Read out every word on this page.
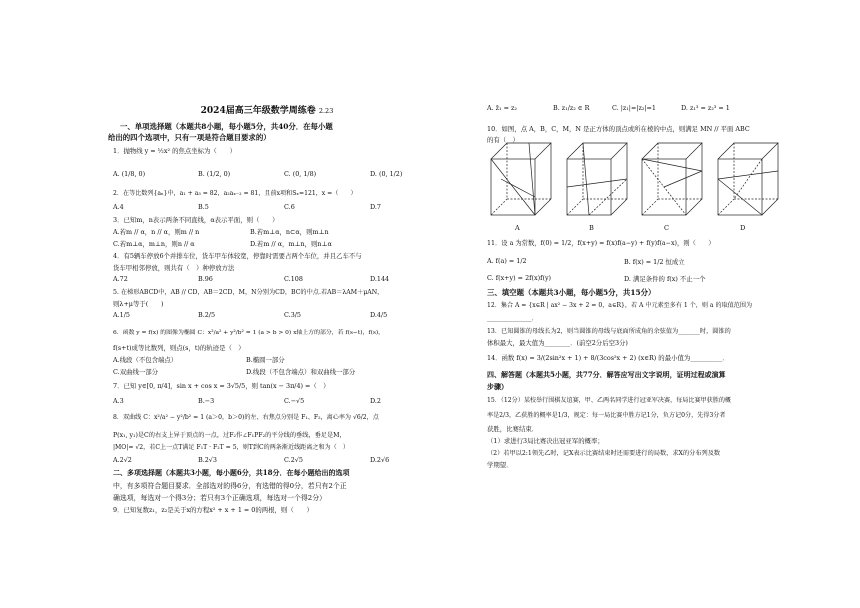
2024届高三年级数学周练卷 2.23
一、单项选择题（本题共8小题，每小题5分，共40分．在每小题
给出的四个选项中，只有一项是符合题目要求的）
1．抛物线 y = ½x² 的焦点坐标为（　　）
A. (1/8, 0)	B. (1/2, 0)	C. (0, 1/8)	D. (0, 1/2)
2．在等比数列{aₙ}中，a₁ + a₃ = 82，a₂aₓ₋₂ = 81，且前x项和Sₓ=121，x =（　　）
A.4	B.5	C.6	D.7
3．已知m，n表示两条不同直线，α表示平面，则（　　）
A.若m // α，n // α，则m // n	B.若m⊥α，n⊂α，则m⊥n
C.若m⊥α，m⊥n，则n // α	D.若m // α，m⊥n，则n⊥α
4．有5辆车停放6个并排车位，货车甲车体较宽，停靠时需要占两个车位，并且乙车不与
货车甲相邻停放，则共有（　）种停放方法
A.72	B.96	C.108	D.144
5. 在梯形ABCD中，AB // CD，AB＝2CD，M，N分别为CD，BC的中点.若AB＝λAM＋μAN，
则λ+μ等于(　　)
A.1/5	B.2/5	C.3/5	D.4/5
6．函数 y = f(x) 的图像为椭圆 C：x²/a² + y²/b² = 1 (a > b > 0) x轴上方的部分，若 f(s−t)，f(s)，
f(s+t)成等比数列，则点(s，t)的轨迹是（　）
A.线段（不包含端点）	B.椭圆一部分
C.双曲线一部分	D.线段（不包含端点）和双曲线一部分
7．已知 y∈[0, π/4]，sin x + cos x = 3√5/5，则 tan(x − 3π/4) =（　）
A.3	B.−3	C.−√5	D.2
8．双曲线 C：x²/a² − y²/b² = 1 (a＞0，b＞0)的左、右焦点分别是 F₁、F₂，离心率为 √6/2，点
P(x₁, y₁)是C的右支上异于顶点的一点，过F₂作∠F₁PF₂的平分线的垂线，垂足是M，
|MO|= √2，若C上一点T满足 F₁T · F₂T = 5，则T到C的两条渐近线距离之和为（　）
A.2√2	B.2√3	C.2√5	D.2√6
二、多项选择题（本题共3小题，每小题6分，共18分．在每小题给出的选项
中，有多项符合题目要求．全部选对的得6分，有选错的得0分，若只有2个正
确选项，每选对一个得3分；若只有3个正确选项，每选对一个得2分）
9．已知复数z₁，z₂是关于x的方程x² + x + 1 = 0的两根，则（　　）
A. z̄₁ = z₂	B. z₁/z₂ ∈ R	C. |z₁|=|z₂|=1	D. z₁³ = z₂³ = 1
10．如图，点 A，B，C，M，N 是正方体的顶点或所在棱的中点，则满足 MN // 平面 ABC
的有（　）
A	B	C	D
11．设 a 为常数，f(0) = 1/2，f(x+y) = f(x)f(a−y) + f(y)f(a−x)，则（　　）
A. f(a) = 1/2	B. f(x) = 1/2 恒成立
C. f(x+y) = 2f(x)f(y)	D. 满足条件的 f(x) 不止一个
三、填空题（本题共3小题，每小题5分，共15分）
12．集合 A = {x∈R | ax² − 3x + 2 = 0，a∈R}，若 A 中元素至多有 1 个，则 a 的取值范围为
______________．
13．已知圆锥的母线长为2，则当圆锥的母线与底面所成角的余弦值为_______时，圆锥的
体积最大，最大值为________．(前空2分后空3分)
14．函数 f(x) = 3/(2sin²x + 1) + 8/(3cos²x + 2) (x∈R) 的最小值为__________．
四、解答题（本题共5小题，共77分．解答应写出文字说明，证明过程或演算
步骤）
15．（12分）某校举行围棋友谊赛，甲、乙两名同学进行冠亚军决赛，每局比赛甲获胜的概
率是2/3，乙获胜的概率是1/3，规定：每一局比赛中胜方记1分，负方记0分，先得3分者
获胜，比赛结束．
（1）求进行3局比赛决出冠亚军的概率；
（2）若甲以2:1领先乙时，记X表示比赛结束时还需要进行的局数，求X的分布列及数
学期望．
